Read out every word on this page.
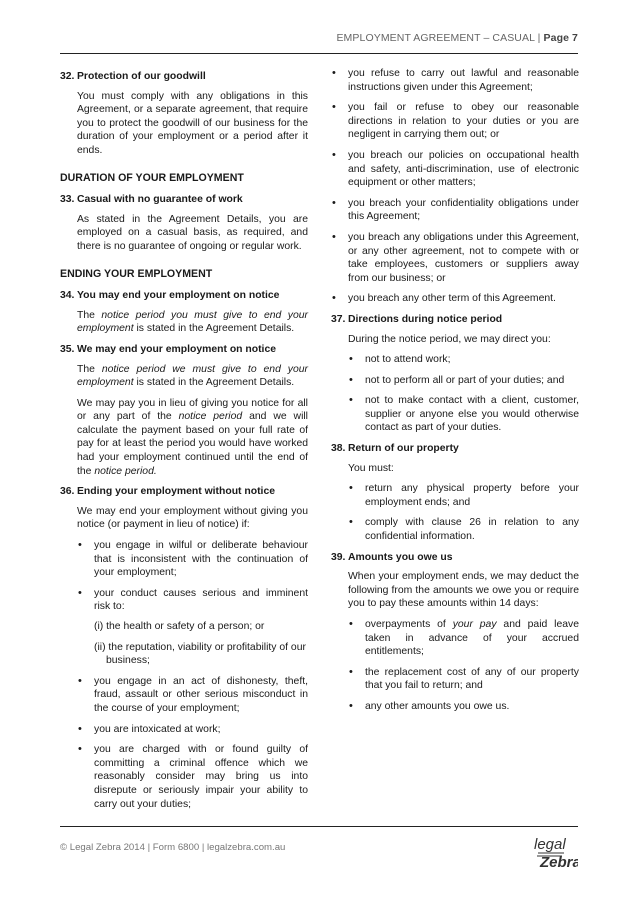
EMPLOYMENT AGREEMENT – CASUAL | Page 7
32. Protection of our goodwill

You must comply with any obligations in this Agreement, or a separate agreement, that require you to protect the goodwill of our business for the duration of your employment or a period after it ends.

DURATION OF YOUR EMPLOYMENT
33. Casual with no guarantee of work

As stated in the Agreement Details, you are employed on a casual basis, as required, and there is no guarantee of ongoing or regular work.

ENDING YOUR EMPLOYMENT
34. You may end your employment on notice

The notice period you must give to end your employment is stated in the Agreement Details.

35. We may end your employment on notice

The notice period we must give to end your employment is stated in the Agreement Details.

We may pay you in lieu of giving you notice for all or any part of the notice period and we will calculate the payment based on your full rate of pay for at least the period you would have worked had your employment continued until the end of the notice period.

36. Ending your employment without notice

We may end your employment without giving you notice (or payment in lieu of notice) if:

• you engage in wilful or deliberate behaviour that is inconsistent with the continuation of your employment;
• your conduct causes serious and imminent risk to:

(i) the health or safety of a person; or

(ii) the reputation, viability or profitability of our business;

• you engage in an act of dishonesty, theft, fraud, assault or other serious misconduct in the course of your employment;
• you are intoxicated at work;
• you are charged with or found guilty of committing a criminal offence which we reasonably consider may bring us into disrepute or seriously impair your ability to carry out your duties;
• you refuse to carry out lawful and reasonable instructions given under this Agreement;
• you fail or refuse to obey our reasonable directions in relation to your duties or you are negligent in carrying them out; or
• you breach our policies on occupational health and safety, anti-discrimination, use of electronic equipment or other matters;
• you breach your confidentiality obligations under this Agreement;
• you breach any obligations under this Agreement, or any other agreement, not to compete with or take employees, customers or suppliers away from our business; or
• you breach any other term of this Agreement.
37. Directions during notice period

During the notice period, we may direct you:

• not to attend work;
• not to perform all or part of your duties; and
• not to make contact with a client, customer, supplier or anyone else you would otherwise contact as part of your duties.
38. Return of our property

You must:

• return any physical property before your employment ends; and
• comply with clause 26 in relation to any confidential information.
39. Amounts you owe us

When your employment ends, we may deduct the following from the amounts we owe you or require you to pay these amounts within 14 days:

• overpayments of your pay and paid leave taken in advance of your accrued entitlements;
• the replacement cost of any of our property that you fail to return; and
• any other amounts you owe us.
© Legal Zebra 2014 | Form 6800 | legalzebra.com.au	legal
Zebra
